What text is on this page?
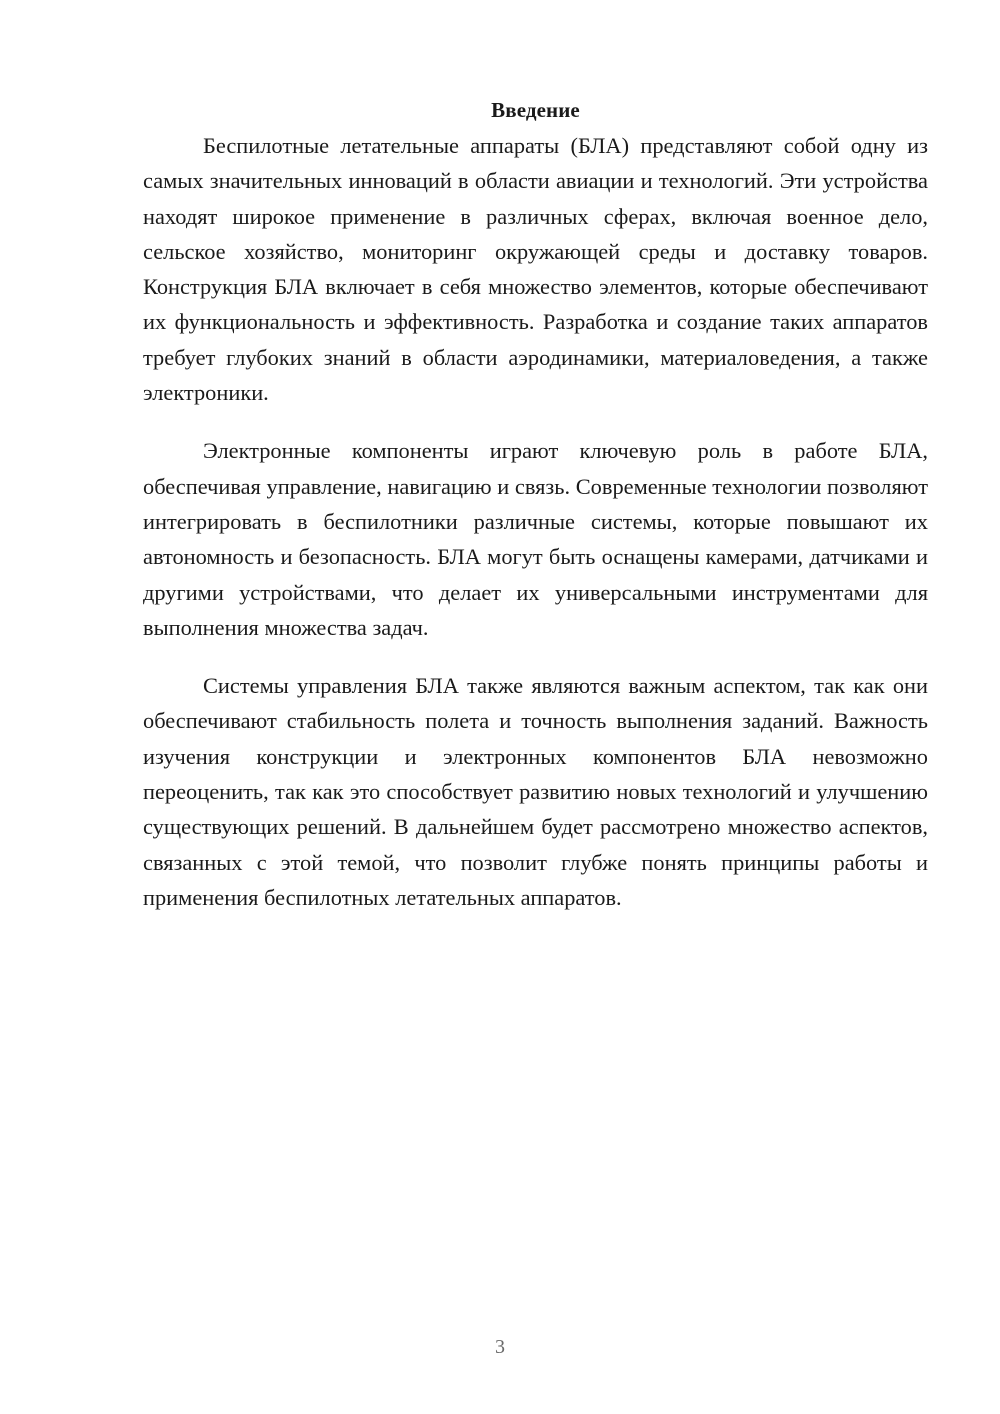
Введение

Беспилотные летательные аппараты (БЛА) представляют собой одну из самых значительных инноваций в области авиации и технологий. Эти устройства находят широкое применение в различных сферах, включая военное дело, сельское хозяйство, мониторинг окружающей среды и доставку товаров. Конструкция БЛА включает в себя множество элементов, которые обеспечивают их функциональность и эффективность. Разработка и создание таких аппаратов требует глубоких знаний в области аэродинамики, материаловедения, а также электроники.

Электронные компоненты играют ключевую роль в работе БЛА, обеспечивая управление, навигацию и связь. Современные технологии позволяют интегрировать в беспилотники различные системы, которые повышают их автономность и безопасность. БЛА могут быть оснащены камерами, датчиками и другими устройствами, что делает их универсальными инструментами для выполнения множества задач.

Системы управления БЛА также являются важным аспектом, так как они обеспечивают стабильность полета и точность выполнения заданий. Важность изучения конструкции и электронных компонентов БЛА невозможно переоценить, так как это способствует развитию новых технологий и улучшению существующих решений. В дальнейшем будет рассмотрено множество аспектов, связанных с этой темой, что позволит глубже понять принципы работы и применения беспилотных летательных аппаратов.

3
